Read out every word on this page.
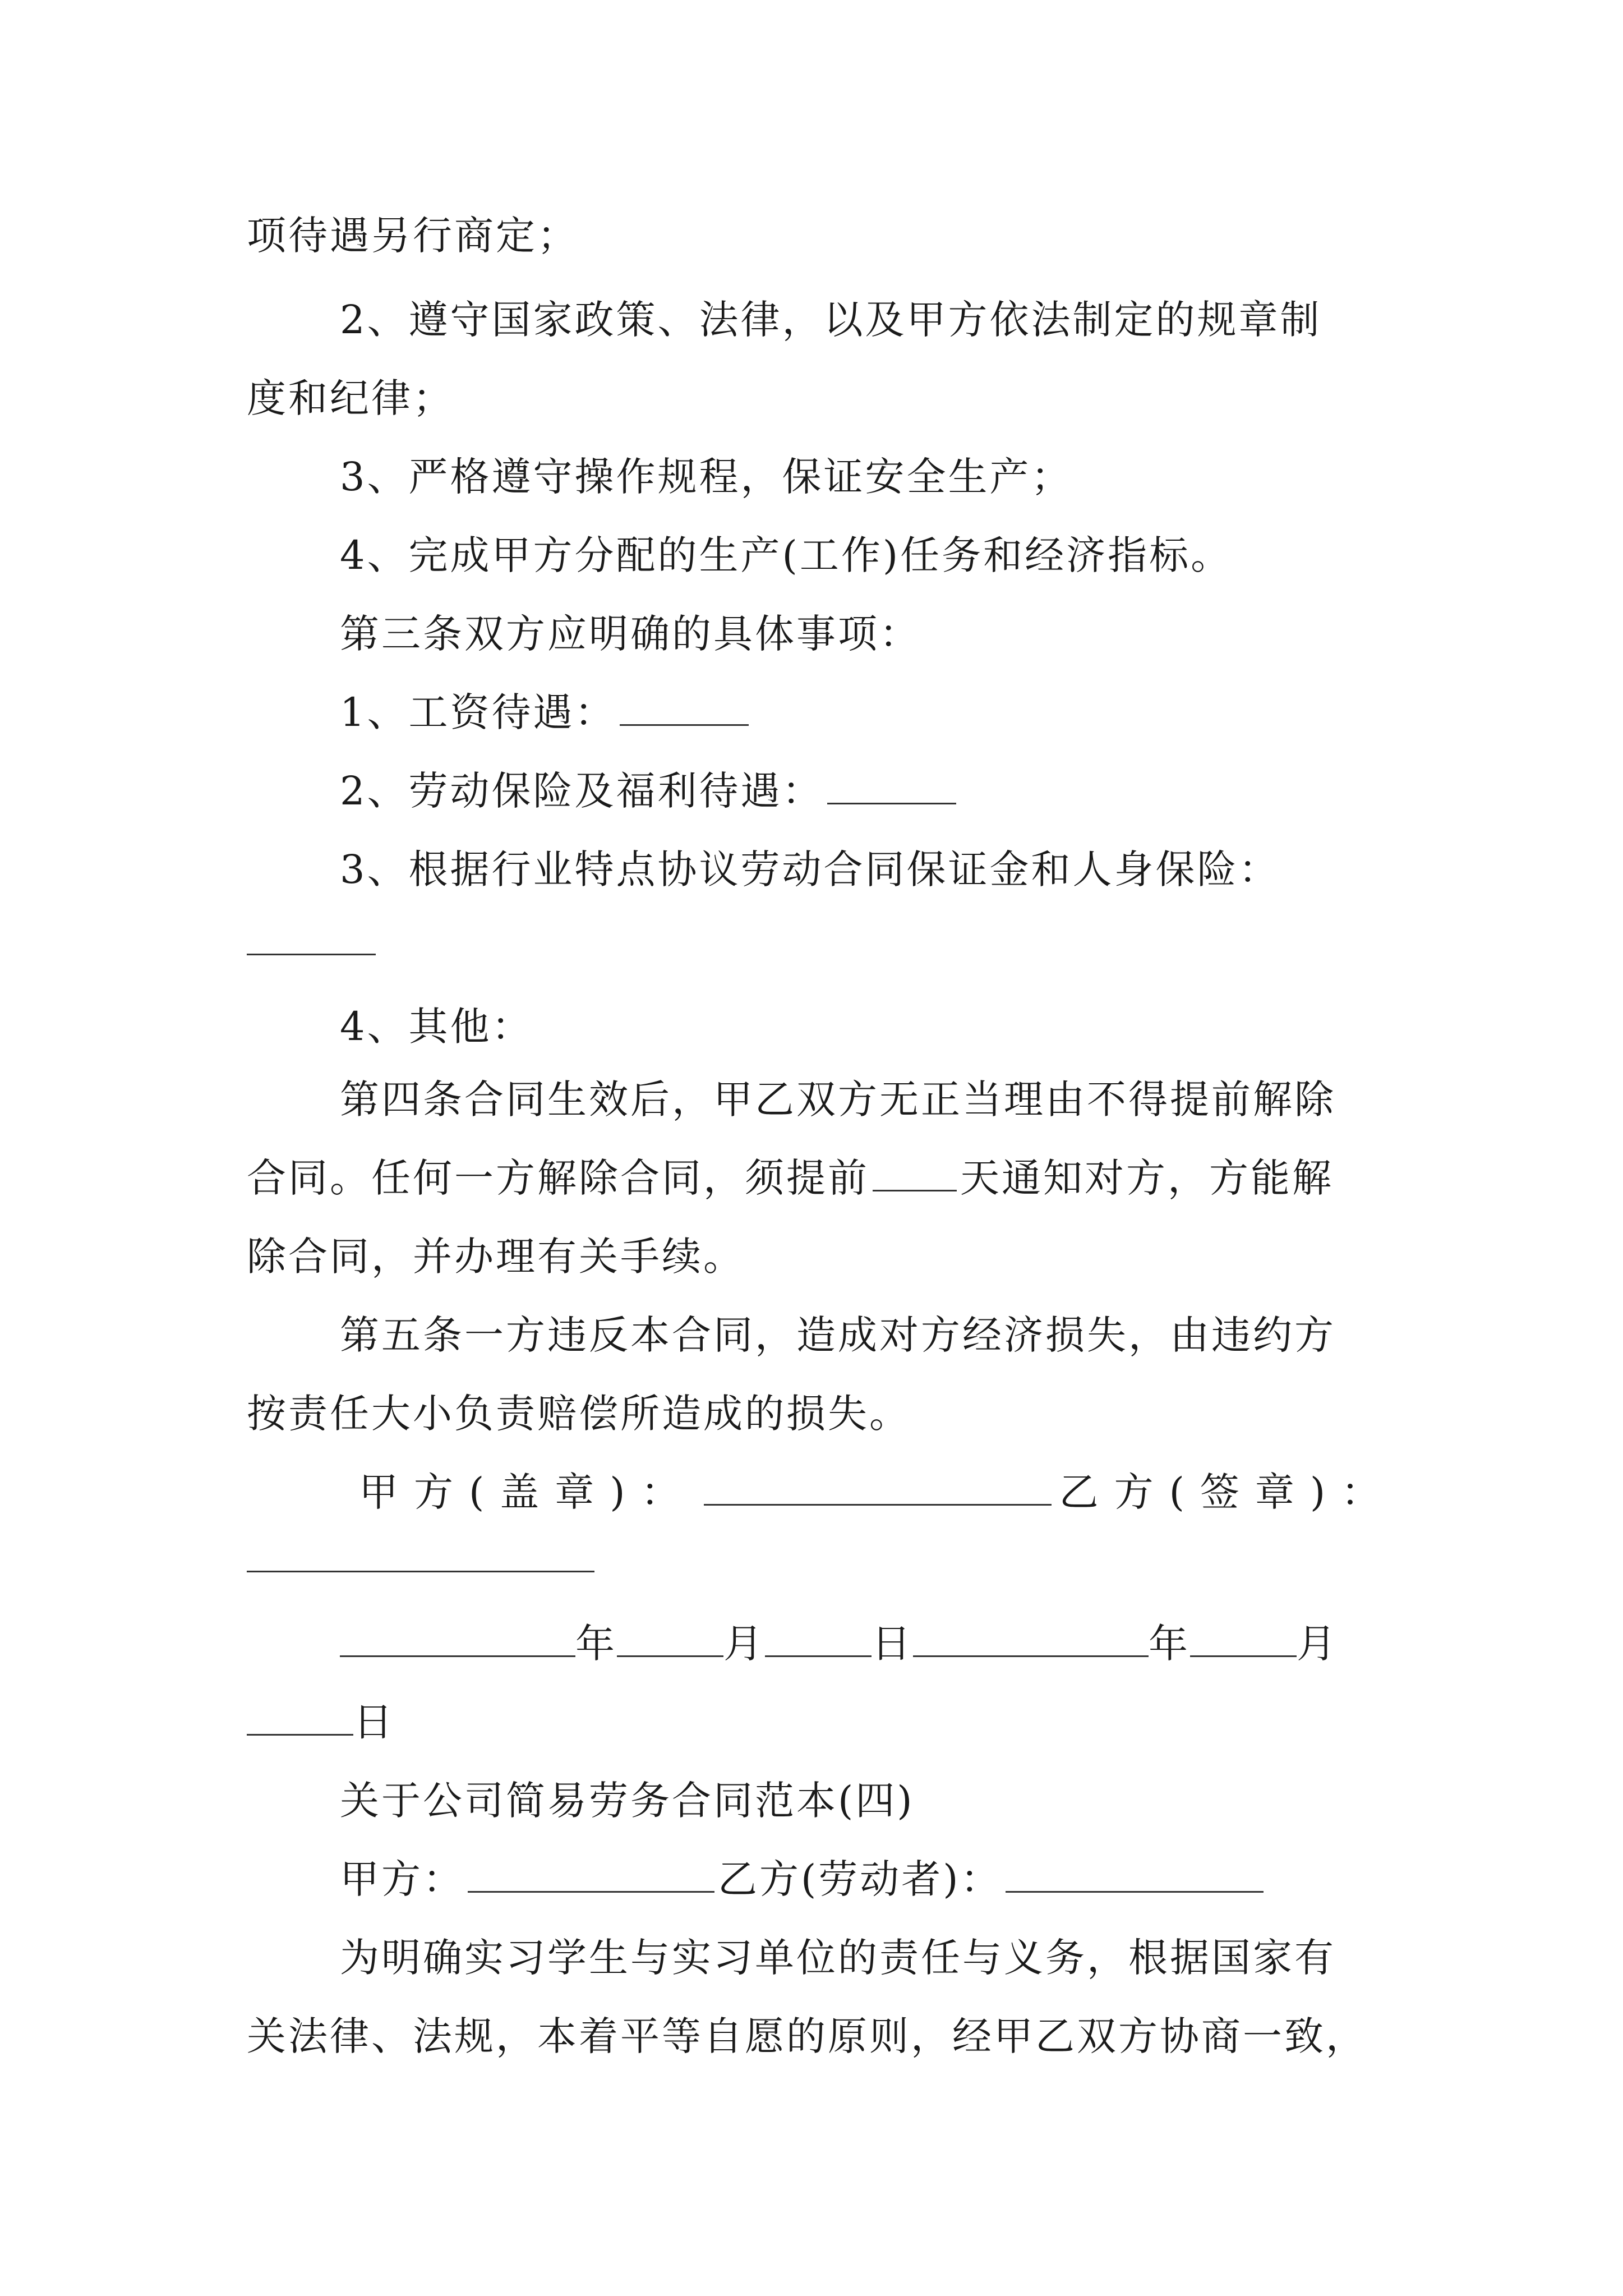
项待遇另行商定；
2、遵守国家政策、法律，以及甲方依法制定的规章制
度和纪律；
3、严格遵守操作规程，保证安全生产；
4、完成甲方分配的生产(工作)任务和经济指标。
第三条双方应明确的具体事项：
1、工资待遇：
2、劳动保险及福利待遇：
3、根据行业特点协议劳动合同保证金和人身保险：
4、其他：
第四条合同生效后，甲乙双方无正当理由不得提前解除
合同。任何一方解除合同，须提前 天通知对方，方能解
除合同，并办理有关手续。
第五条一方违反本合同，造成对方经济损失，由违约方
按责任大小负责赔偿所造成的损失。
甲方(盖章)：	乙方(签章)：
年	月	日	年	月
日
关于公司简易劳务合同范本(四)
甲方：	乙方(劳动者)：
为明确实习学生与实习单位的责任与义务，根据国家有
关法律、法规，本着平等自愿的原则，经甲乙双方协商一致，
